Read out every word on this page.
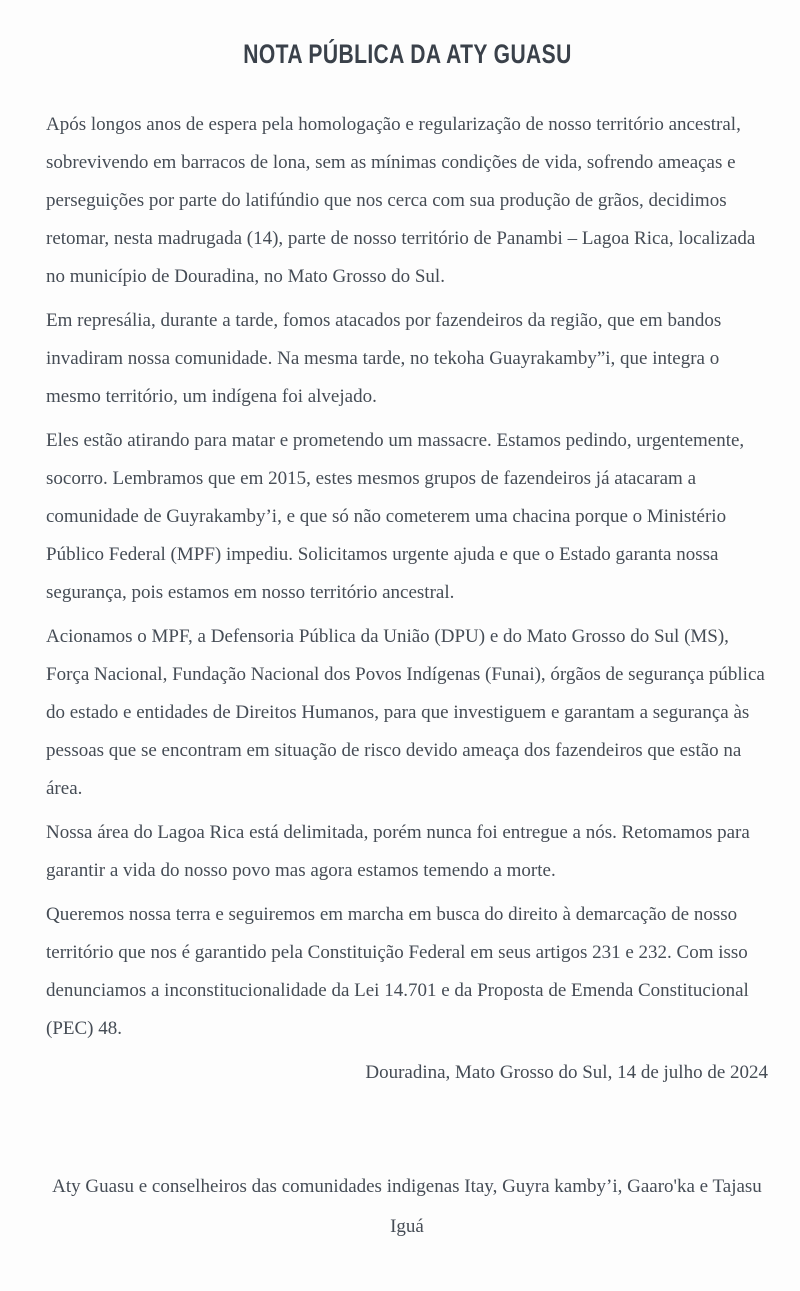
NOTA PÚBLICA DA ATY GUASU

Após longos anos de espera pela homologação e regularização de nosso território ancestral, sobrevivendo em barracos de lona, sem as mínimas condições de vida, sofrendo ameaças e perseguições por parte do latifúndio que nos cerca com sua produção de grãos, decidimos retomar, nesta madrugada (14), parte de nosso território de Panambi – Lagoa Rica, localizada no município de Douradina, no Mato Grosso do Sul.

Em represália, durante a tarde, fomos atacados por fazendeiros da região, que em bandos invadiram nossa comunidade. Na mesma tarde, no tekoha Guayrakamby”i, que integra o mesmo território, um indígena foi alvejado.

Eles estão atirando para matar e prometendo um massacre. Estamos pedindo, urgentemente, socorro. Lembramos que em 2015, estes mesmos grupos de fazendeiros já atacaram a comunidade de Guyrakamby’i, e que só não cometerem uma chacina porque o Ministério Público Federal (MPF) impediu. Solicitamos urgente ajuda e que o Estado garanta nossa segurança, pois estamos em nosso território ancestral.

Acionamos o MPF, a Defensoria Pública da União (DPU) e do Mato Grosso do Sul (MS), Força Nacional, Fundação Nacional dos Povos Indígenas (Funai), órgãos de segurança pública do estado e entidades de Direitos Humanos, para que investiguem e garantam a segurança às pessoas que se encontram em situação de risco devido ameaça dos fazendeiros que estão na área.

Nossa área do Lagoa Rica está delimitada, porém nunca foi entregue a nós. Retomamos para garantir a vida do nosso povo mas agora estamos temendo a morte.

Queremos nossa terra e seguiremos em marcha em busca do direito à demarcação de nosso território que nos é garantido pela Constituição Federal em seus artigos 231 e 232. Com isso denunciamos a inconstitucionalidade da Lei 14.701 e da Proposta de Emenda Constitucional (PEC) 48.

Douradina, Mato Grosso do Sul, 14 de julho de 2024

Aty Guasu e conselheiros das comunidades indigenas Itay, Guyra kamby’i, Gaaro'ka e Tajasu Iguá
